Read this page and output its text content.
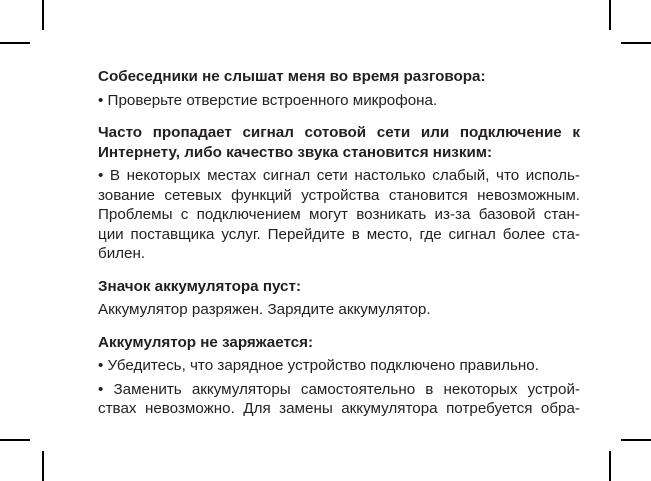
Собеседники не слышат меня во время разговора:

• Проверьте отверстие встроенного микрофона.

Часто пропадает сигнал сотовой сети или подключение к

Интернету, либо качество звука становится низким:

• В некоторых местах сигнал сети настолько слабый, что исполь-

зование сетевых функций устройства становится невозможным.

Проблемы с подключением могут возникать из-за базовой стан-

ции поставщика услуг. Перейдите в место, где сигнал более ста-

билен.

Значок аккумулятора пуст:

Аккумулятор разряжен. Зарядите аккумулятор.

Аккумулятор не заряжается:

• Убедитесь, что зарядное устройство подключено правильно.

• Заменить аккумуляторы самостоятельно в некоторых устрой-

ствах невозможно. Для замены аккумулятора потребуется обра-
